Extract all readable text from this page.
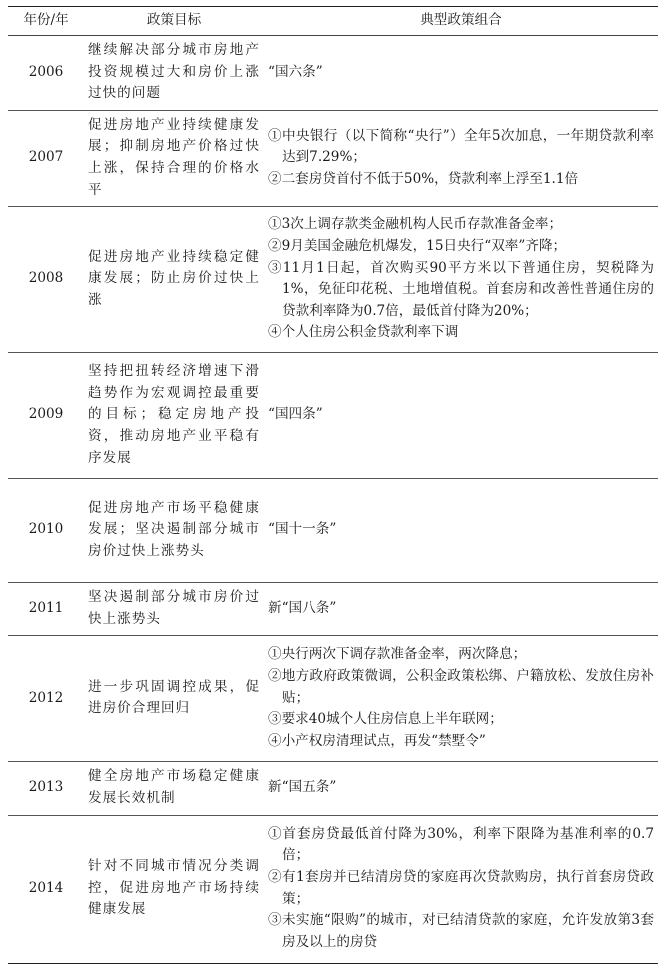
年份/年	政策目标	典型政策组合
2006	继续解决部分城市房地产投资规模过大和房价上涨过快的问题	“国六条”
2007	促进房地产业持续健康发展；抑制房地产价格过快上涨，保持合理的价格水平	①中央银行（以下简称“央行”）全年5次加息，一年期贷款利率达到7.29%；
②二套房贷首付不低于50%，贷款利率上浮至1.1倍

2008	促进房地产业持续稳定健康发展；防止房价过快上涨	①3次上调存款类金融机构人民币存款准备金率；
②9月美国金融危机爆发，15日央行“双率”齐降；
③11月1日起，首次购买90平方米以下普通住房，契税降为1%，免征印花税、土地增值税。首套房和改善性普通住房的贷款利率降为0.7倍，最低首付降为20%；
④个人住房公积金贷款利率下调

2009	坚持把扭转经济增速下滑趋势作为宏观调控最重要的目标；稳定房地产投资，推动房地产业平稳有序发展	“国四条”
2010	促进房地产市场平稳健康发展；坚决遏制部分城市房价过快上涨势头	“国十一条”
2011	坚决遏制部分城市房价过快上涨势头	新“国八条”
2012	进一步巩固调控成果，促进房价合理回归	①央行两次下调存款准备金率，两次降息；
②地方政府政策微调，公积金政策松绑、户籍放松、发放住房补贴；
③要求40城个人住房信息上半年联网；
④小产权房清理试点，再发“禁墅令”

2013	健全房地产市场稳定健康发展长效机制	新“国五条”
2014	针对不同城市情况分类调控，促进房地产市场持续健康发展	①首套房贷最低首付降为30%，利率下限降为基准利率的0.7倍；
②有1套房并已结清房贷的家庭再次贷款购房，执行首套房贷政策；
③未实施“限购”的城市，对已结清贷款的家庭，允许发放第3套房及以上的房贷
